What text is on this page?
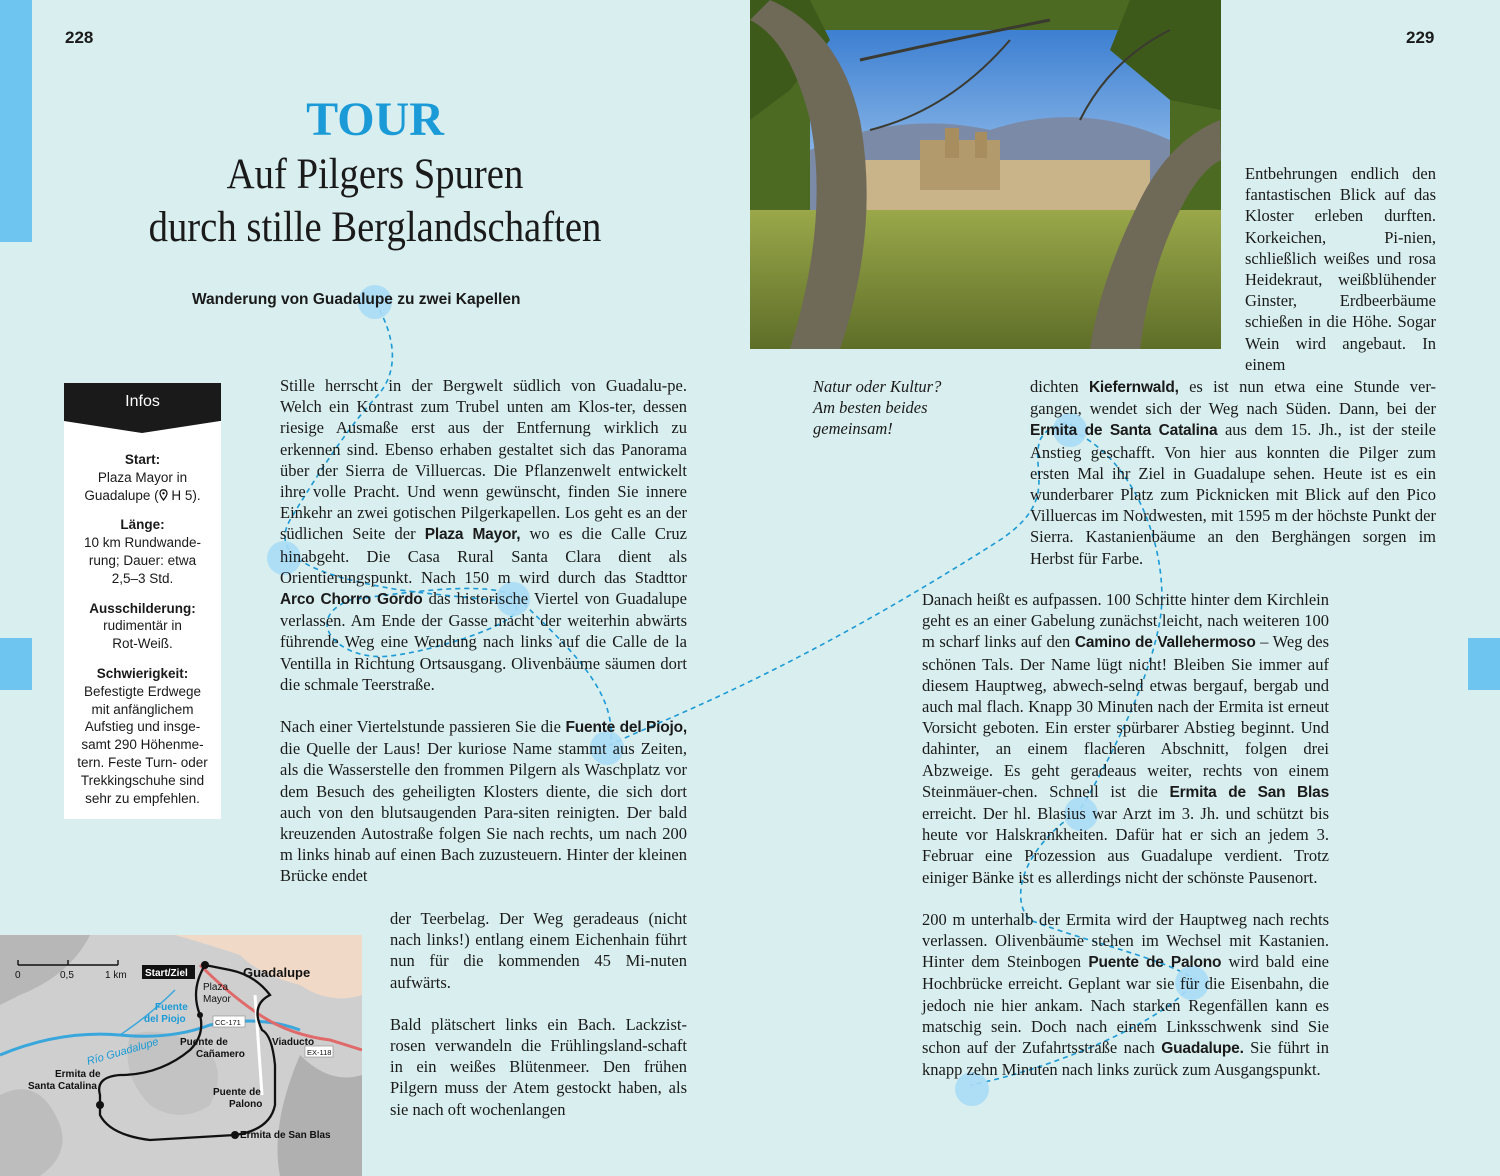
228	229
TOUR
Auf Pilgers Spuren
durch stille Berglandschaften
Wanderung von Guadalupe zu zwei Kapellen
Infos
Start:
Plaza Mayor in
Guadalupe ( H 5).
Länge:
10 km Rundwande-
rung; Dauer: etwa
2,5–3 Std.
Ausschilderung:
rudimentär in
Rot-Weiß.
Schwierigkeit:
Befestigte Erdwege
mit anfänglichem
Aufstieg und insge-
samt 290 Höhenme-
tern. Feste Turn- oder
Trekkingschuhe sind
sehr zu empfehlen.

Stille herrscht in der Bergwelt südlich von Guadalu-pe. Welch ein Kontrast zum Trubel unten am Klos-ter, dessen riesige Ausmaße erst aus der Entfernung wirklich zu erkennen sind. Ebenso erhaben gestaltet sich das Panorama über der Sierra de Villuercas. Die Pflanzenwelt entwickelt ihre volle Pracht. Und wenn gewünscht, finden Sie innere Einkehr an zwei gotischen Pilgerkapellen. Los geht es an der südlichen Seite der Plaza Mayor, wo es die Calle Cruz hinabgeht. Die Casa Rural Santa Clara dient als Orientierungspunkt. Nach 150 m wird durch das Stadttor Arco Chorro Gordo das historische Viertel von Guadalupe verlassen. Am Ende der Gasse macht der weiterhin abwärts führende Weg eine Wendung nach links auf die Calle de la Ventilla in Richtung Ortsausgang. Olivenbäume säumen dort die schmale Teerstraße.

Nach einer Viertelstunde passieren Sie die Fuente del Piojo, die Quelle der Laus! Der kuriose Name stammt aus Zeiten, als die Wasserstelle den frommen Pilgern als Waschplatz vor dem Besuch des geheiligten Klosters diente, die sich dort auch von den blutsaugenden Para-siten reinigten. Der bald kreuzenden Autostraße folgen Sie nach rechts, um nach 200 m links hinab auf einen Bach zuzusteuern. Hinter der kleinen Brücke endet

der Teerbelag. Der Weg geradeaus (nicht nach links!) entlang einem Eichenhain führt nun für die kommenden 45 Mi-nuten aufwärts.

Bald plätschert links ein Bach. Lackzist-rosen verwandeln die Frühlingsland-schaft in ein weißes Blütenmeer. Den frühen Pilgern muss der Atem gestockt haben, als sie nach oft wochenlangen

Natur oder Kultur?
Am besten beides
gemeinsam!
Entbehrungen endlich den fantastischen Blick auf das Kloster erleben durften. Korkeichen, Pi-nien, schließlich weißes und rosa Heidekraut, weißblühender Ginster, Erdbeerbäume schießen in die Höhe. Sogar Wein wird angebaut. In einem
dichten Kiefernwald, es ist nun etwa eine Stunde ver-gangen, wendet sich der Weg nach Süden. Dann, bei der Ermita de Santa Catalina aus dem 15. Jh., ist der steile Anstieg geschafft. Von hier aus konnten die Pilger zum ersten Mal ihr Ziel in Guadalupe sehen. Heute ist es ein wunderbarer Platz zum Picknicken mit Blick auf den Pico Villuercas im Nordwesten, mit 1595 m der höchste Punkt der Sierra. Kastanienbäume an den Berghängen sorgen im Herbst für Farbe.

Danach heißt es aufpassen. 100 Schritte hinter dem Kirchlein geht es an einer Gabelung zunächst leicht, nach weiteren 100 m scharf links auf den Camino de Vallehermoso – Weg des schönen Tals. Der Name lügt nicht! Bleiben Sie immer auf diesem Hauptweg, abwech-selnd etwas bergauf, bergab und auch mal flach. Knapp 30 Minuten nach der Ermita ist erneut Vorsicht geboten. Ein erster spürbarer Abstieg beginnt. Und dahinter, an einem flacheren Abschnitt, folgen drei Abzweige. Es geht geradeaus weiter, rechts von einem Steinmäuer-chen. Schnell ist die Ermita de San Blas erreicht. Der hl. Blasius war Arzt im 3. Jh. und schützt bis heute vor Halskrankheiten. Dafür hat er sich an jedem 3. Februar eine Prozession aus Guadalupe verdient. Trotz einiger Bänke ist es allerdings nicht der schönste Pausenort.

200 m unterhalb der Ermita wird der Hauptweg nach rechts verlassen. Olivenbäume stehen im Wechsel mit Kastanien. Hinter dem Steinbogen Puente de Palono wird bald eine Hochbrücke erreicht. Geplant war sie für die Eisenbahn, die jedoch nie hier ankam. Nach starken Regenfällen kann es matschig sein. Doch nach einem Linksschwenk sind Sie schon auf der Zufahrtsstraße nach Guadalupe. Sie führt in knapp zehn Minuten nach links zurück zum Ausgangspunkt.

0	0,5	1 km Start/Ziel	Guadalupe
Plaza
Mayor
Fuente
del Piojo	CC-171
EX-118
Río Guadalupe	Viaducto
Puente de
Cañamero
Puente de
Palono
Ermita de
Santa Catalina
Ermita de San Blas
